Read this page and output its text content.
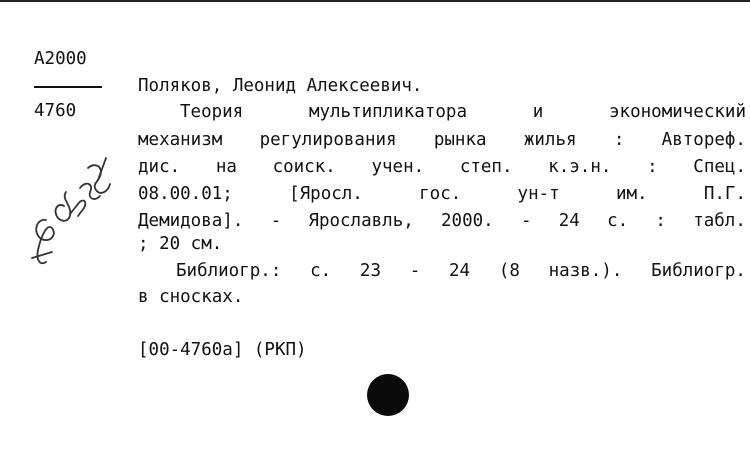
A2000
4760
Поляков, Леонид Алексеевич.
Теория	мультипликатора	и	экономический
механизм регулирования рынка жилья : Автореф.
дис. на соиск. учен. степ. к.э.н. : Спец.
08.00.01;	[Яросл.	гос.	ун-т	им.	П.Г.
Демидова]. - Ярославль, 2000. - 24 с. : табл.
; 20 см.
Библиогр.: с. 23 - 24 (8 назв.). Библиогр.
в сносках.
[00-4760а] (РКП)
